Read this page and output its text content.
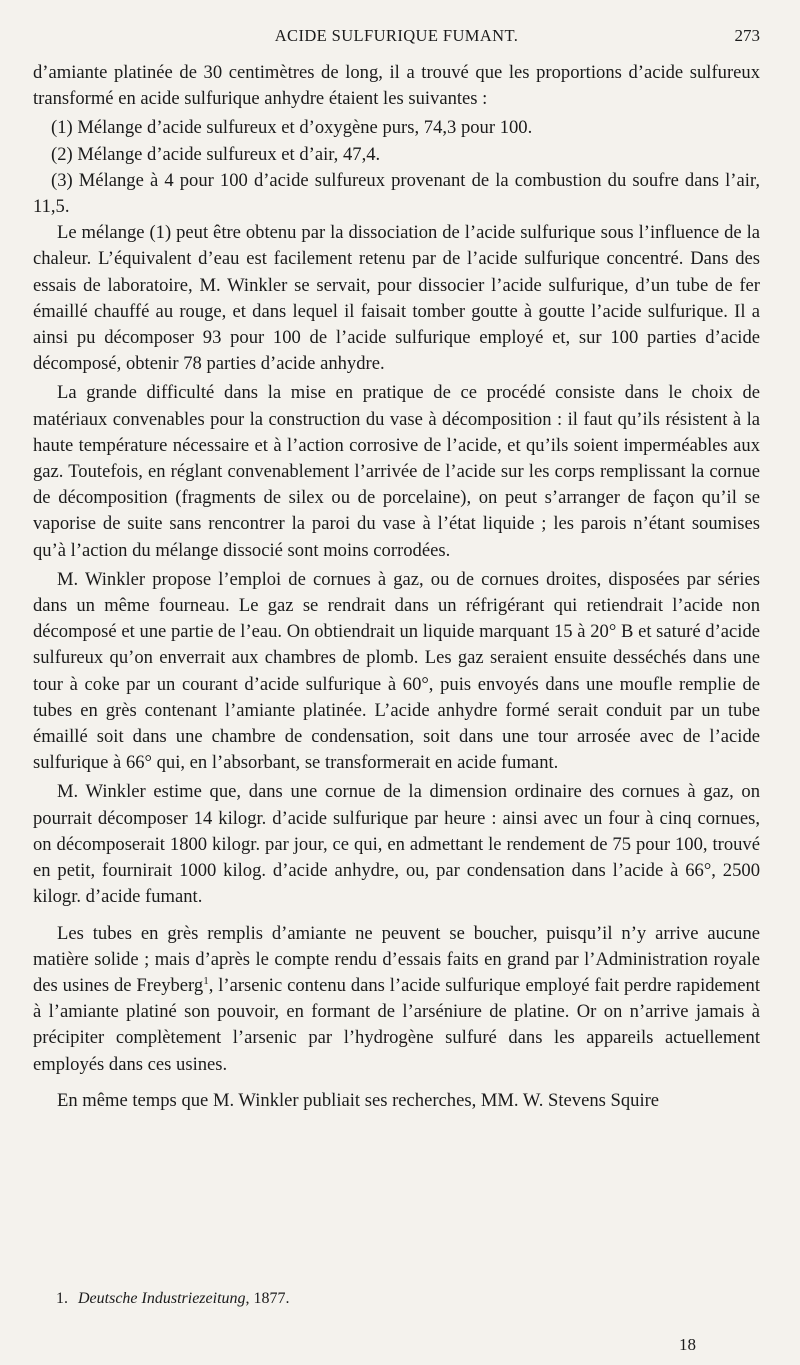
ACIDE SULFURIQUE FUMANT.	273

d’amiante platinée de 30 centimètres de long, il a trouvé que les proportions d’acide sulfureux transformé en acide sulfurique anhydre étaient les suivantes :

(1) Mélange d’acide sulfureux et d’oxygène purs, 74,3 pour 100.

(2) Mélange d’acide sulfureux et d’air, 47,4.

(3) Mélange à 4 pour 100 d’acide sulfureux provenant de la combustion du soufre dans l’air, 11,5.

Le mélange (1) peut être obtenu par la dissociation de l’acide sulfurique sous l’influence de la chaleur. L’équivalent d’eau est facilement retenu par de l’acide sulfurique concentré. Dans des essais de laboratoire, M. Winkler se servait, pour dissocier l’acide sulfurique, d’un tube de fer émaillé chauffé au rouge, et dans lequel il faisait tomber goutte à goutte l’acide sulfurique. Il a ainsi pu décomposer 93 pour 100 de l’acide sulfurique employé et, sur 100 parties d’acide décomposé, obtenir 78 parties d’acide anhydre.

La grande difficulté dans la mise en pratique de ce procédé consiste dans le choix de matériaux convenables pour la construction du vase à décomposition : il faut qu’ils résistent à la haute température nécessaire et à l’action corrosive de l’acide, et qu’ils soient imperméables aux gaz. Toutefois, en réglant convenablement l’arrivée de l’acide sur les corps remplissant la cornue de décomposition (fragments de silex ou de porcelaine), on peut s’arranger de façon qu’il se vaporise de suite sans rencontrer la paroi du vase à l’état liquide ; les parois n’étant soumises qu’à l’action du mélange dissocié sont moins corrodées.

M. Winkler propose l’emploi de cornues à gaz, ou de cornues droites, disposées par séries dans un même fourneau. Le gaz se rendrait dans un réfrigérant qui retiendrait l’acide non décomposé et une partie de l’eau. On obtiendrait un liquide marquant 15 à 20° B et saturé d’acide sulfureux qu’on enverrait aux chambres de plomb. Les gaz seraient ensuite desséchés dans une tour à coke par un courant d’acide sulfurique à 60°, puis envoyés dans une moufle remplie de tubes en grès contenant l’amiante platinée. L’acide anhydre formé serait conduit par un tube émaillé soit dans une chambre de condensation, soit dans une tour arrosée avec de l’acide sulfurique à 66° qui, en l’absorbant, se transformerait en acide fumant.

M. Winkler estime que, dans une cornue de la dimension ordinaire des cornues à gaz, on pourrait décomposer 14 kilogr. d’acide sulfurique par heure : ainsi avec un four à cinq cornues, on décomposerait 1800 kilogr. par jour, ce qui, en admettant le rendement de 75 pour 100, trouvé en petit, fournirait 1000 kilog. d’acide anhydre, ou, par condensation dans l’acide à 66°, 2500 kilogr. d’acide fumant.

Les tubes en grès remplis d’amiante ne peuvent se boucher, puisqu’il n’y arrive aucune matière solide ; mais d’après le compte rendu d’essais faits en grand par l’Administration royale des usines de Freyberg$^1$, l’arsenic contenu dans l’acide sulfurique employé fait perdre rapidement à l’amiante platiné son pouvoir, en formant de l’arséniure de platine. Or on n’arrive jamais à précipiter complètement l’arsenic par l’hydrogène sulfuré dans les appareils actuellement employés dans ces usines.

En même temps que M. Winkler publiait ses recherches, MM. W. Stevens Squire

1. Deutsche Industriezeitung, 1877.
18
